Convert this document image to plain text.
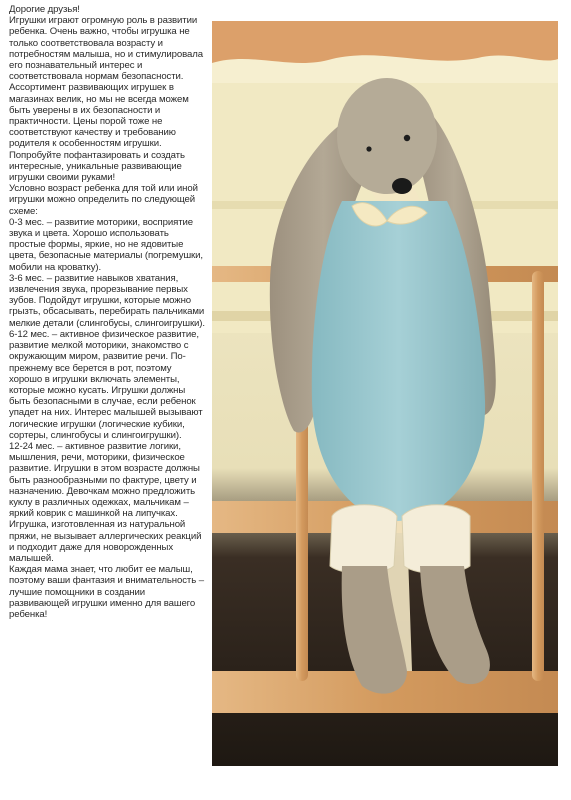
Дорогие друзья!

Игрушки играют огромную роль в развитии ребенка. Очень важно, чтобы игрушка не только соответствовала возрасту и потребностям малыша, но и стимулировала его познавательный интерес и соответствовала нормам безопасности.

Ассортимент развивающих игрушек в магазинах велик, но мы не всегда можем быть уверены в их безопасности и практичности. Цены порой тоже не соответствуют качеству и требованию родителя к особенностям игрушки.

Попробуйте пофантазировать и создать интересные, уникальные развивающие игрушки своими руками!

Условно возраст ребенка для той или иной игрушки можно определить по следующей схеме:

0-3 мес. – развитие моторики, восприятие звука и цвета. Хорошо использовать простые формы, яркие, но не ядовитые цвета, безопасные материалы (погремушки, мобили на кроватку).

3-6 мес. – развитие навыков хватания, извлечения звука, прорезывание первых зубов. Подойдут игрушки, которые можно грызть, обсасывать, перебирать пальчиками мелкие детали (слингобусы, слингоигрушки).

6-12 мес. – активное физическое развитие, развитие мелкой моторики, знакомство с окружающим миром, развитие речи. По-прежнему все берется в рот, поэтому хорошо в игрушки включать элементы, которые можно кусать. Игрушки должны быть безопасными в случае, если ребенок упадет на них. Интерес малышей вызывают логические игрушки (логические кубики, сортеры, слингобусы и слингоигрушки).

12-24 мес. – активное развитие логики, мышления, речи, моторики, физическое развитие. Игрушки в этом возрасте должны быть разнообразными по фактуре, цвету и назначению. Девочкам можно предложить куклу в различных одежках, мальчикам – яркий коврик с машинкой на липучках.

Игрушка, изготовленная из натуральной пряжи, не вызывает аллергических реакций и подходит даже для новорожденных малышей.

Каждая мама знает, что любит ее малыш, поэтому ваши фантазия и внимательность – лучшие помощники в создании развивающей игрушки именно для вашего ребенка!
